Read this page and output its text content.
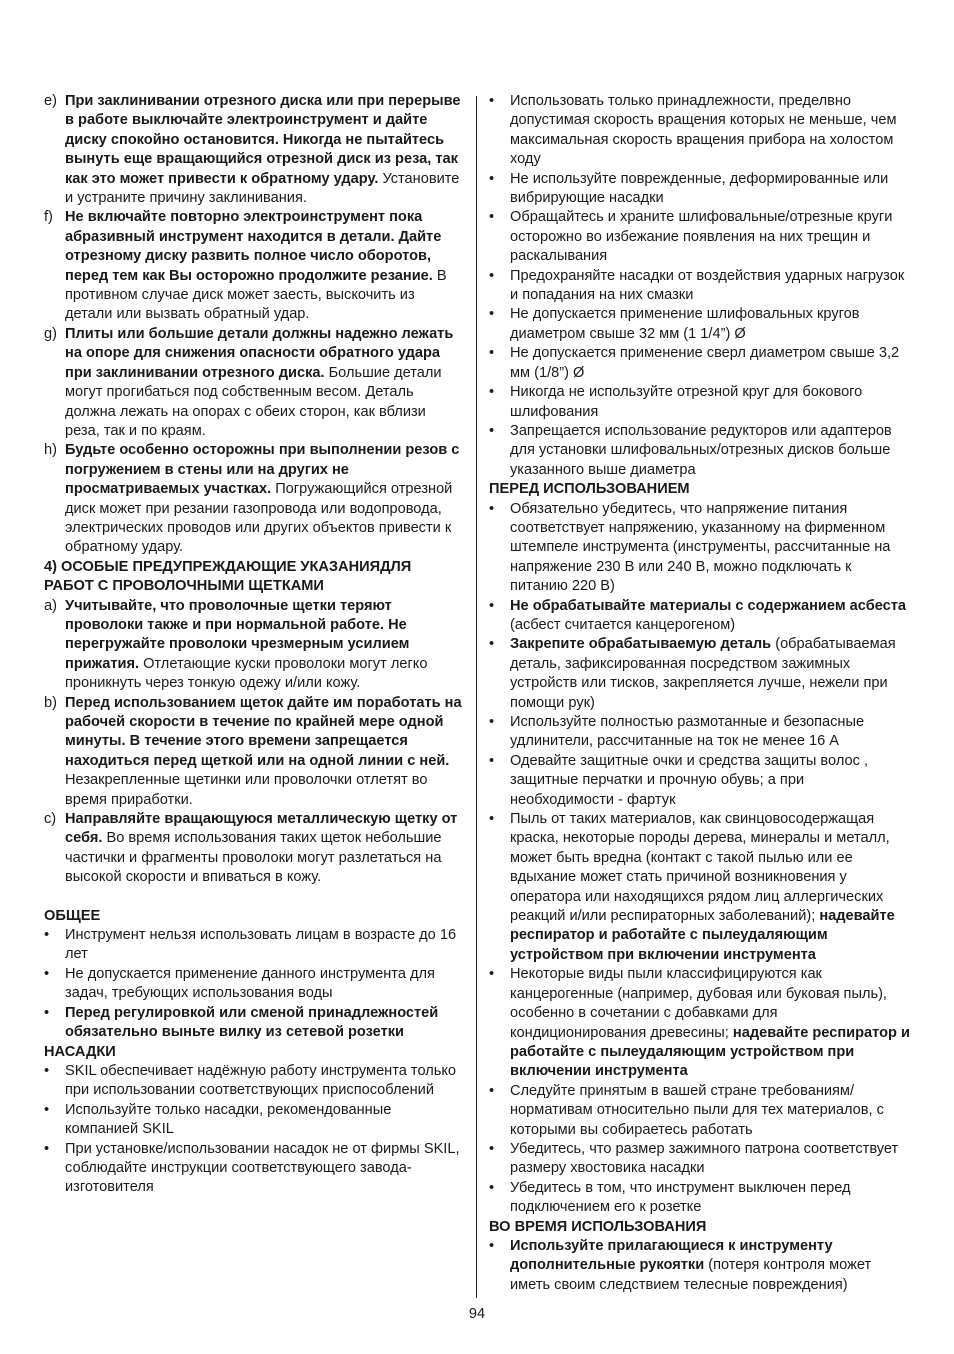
e) При заклинивании отрезного диска или при перерыве в работе выключайте электроинструмент и дайте диску спокойно остановится. Никогда не пытайтесь вынуть еще вращающийся отрезной диск из реза, так как это может привести к обратному удару. Установите и устраните причину заклинивания.
f) Не включайте повторно электроинструмент пока абразивный инструмент находится в детали. Дайте отрезному диску развить полное число оборотов, перед тем как Вы осторожно продолжите резание. В противном случае диск может заесть, выскочить из детали или вызвать обратный удар.
g) Плиты или большие детали должны надежно лежать на опоре для снижения опасности обратного удара при заклинивании отрезного диска. Большие детали могут прогибаться под собственным весом. Деталь должна лежать на опорах с обеих сторон, как вблизи реза, так и по краям.
h) Будьте особенно осторожны при выполнении резов с погружением в стены или на других не просматриваемых участках. Погружающийся отрезной диск может при резании газопровода или водопровода, электрических проводов или других объектов привести к обратному удару.
4) ОСОБЫЕ ПРЕДУПРЕЖДАЮЩИЕ УКАЗАНИЯДЛЯ РАБОТ С ПРОВОЛОЧНЫМИ ЩЕТКАМИ
a) Учитывайте, что проволочные щетки теряют проволоки также и при нормальной работе. Не перегружайте проволоки чрезмерным усилием прижатия. Отлетающие куски проволоки могут легко проникнуть через тонкую одежу и/или кожу.
b) Перед использованием щеток дайте им поработать на рабочей скорости в течение по крайней мере одной минуты. В течение этого времени запрещается находиться перед щеткой или на одной линии с ней. Незакрепленные щетинки или проволочки отлетят во время приработки.
c) Направляйте вращающуюся металлическую щетку от себя. Во время использования таких щеток небольшие частички и фрагменты проволоки могут разлетаться на высокой скорости и впиваться в кожу.
ОБЩЕЕ
• Инструмент нельзя использовать лицам в возрасте до 16 лет
• Не допускается применение данного инструмента для задач, требующих использования воды
• Перед регулировкой или сменой принадлежностей обязательно выньте вилку из сетевой розетки
НАСАДКИ
• SKIL обеспечивает надёжную работу инструмента только при использовании соответствующих приспособлений
• Используйте только насадки, рекомендованные компанией SKIL
• При установке/использовании насадок не от фирмы SKIL, соблюдайте инструкции соответствующего завода-изготовителя
• Использовать только принадлежности, пределвно допустимая скорость вращения которых не меньше, чем максимальная скорость вращения прибора на холостом ходу
• Не используйте поврежденные, деформированные или вибрирующие насадки
• Обращайтесь и храните шлифовальные/отрезные круги осторожно во избежание появления на них трещин и раскалывания
• Предохраняйте насадки от воздействия ударных нагрузок и попадания на них смазки
• Не допускается применение шлифовальных кругов диаметром свыше 32 мм (1 1/4”) Ø
• Не допускается применение сверл диаметром свыше 3,2 мм (1/8”) Ø
• Никогда не используйте отрезной круг для бокового шлифования
• Запрещается использование редукторов или адаптеров для установки шлифовальных/отрезных дисков больше указанного выше диаметра
ПЕРЕД ИСПОЛЬЗОВАНИЕМ
• Обязательно убедитесь, что напряжение питания соответствует напряжению, указанному на фирменном штемпеле инструмента (инструменты, рассчитанные на напряжение 230 В или 240 В, можно подключать к питанию 220 В)
• Не обрабатывайте материалы с содержанием асбеста (асбест считается канцерогеном)
• Закрепите обрабатываемую деталь (обрабатываемая деталь, зафиксированная посредством зажимных устройств или тисков, закрепляется лучше, нежели при помощи рук)
• Используйте полностью размотанные и безопасные удлинители, рассчитанные на ток не менее 16 А
• Одевайте защитные очки и средства защиты волос , защитные перчатки и прочную обувь; а при необходимости - фартук
• Пыль от таких материалов, как свинцовосодержащая краска, некоторые породы дерева, минералы и металл, может быть вредна (контакт с такой пылью или ее вдыхание может стать причиной возникновения у оператора или находящихся рядом лиц аллергических реакций и/или респираторных заболеваний); надевайте респиратор и работайте с пылеудаляющим устройством при включении инструмента
• Некоторые виды пыли классифицируются как канцерогенные (например, дубовая или буковая пыль), особенно в сочетании с добавками для кондиционирования древесины; надевайте респиратор и работайте с пылеудаляющим устройством при включении инструмента
• Следуйте принятым в вашей стране требованиям/ нормативам относительно пыли для тех материалов, с которыми вы собираетесь работать
• Убедитесь, что размер зажимного патрона соответствует размеру хвостовика насадки
• Убедитесь в том, что инструмент выключен перед подключением его к розетке
ВО ВРЕМЯ ИСПОЛЬЗОВАНИЯ
• Используйте прилагающиеся к инструменту дополнительные рукоятки (потеря контроля может иметь своим следствием телесные повреждения)
94
